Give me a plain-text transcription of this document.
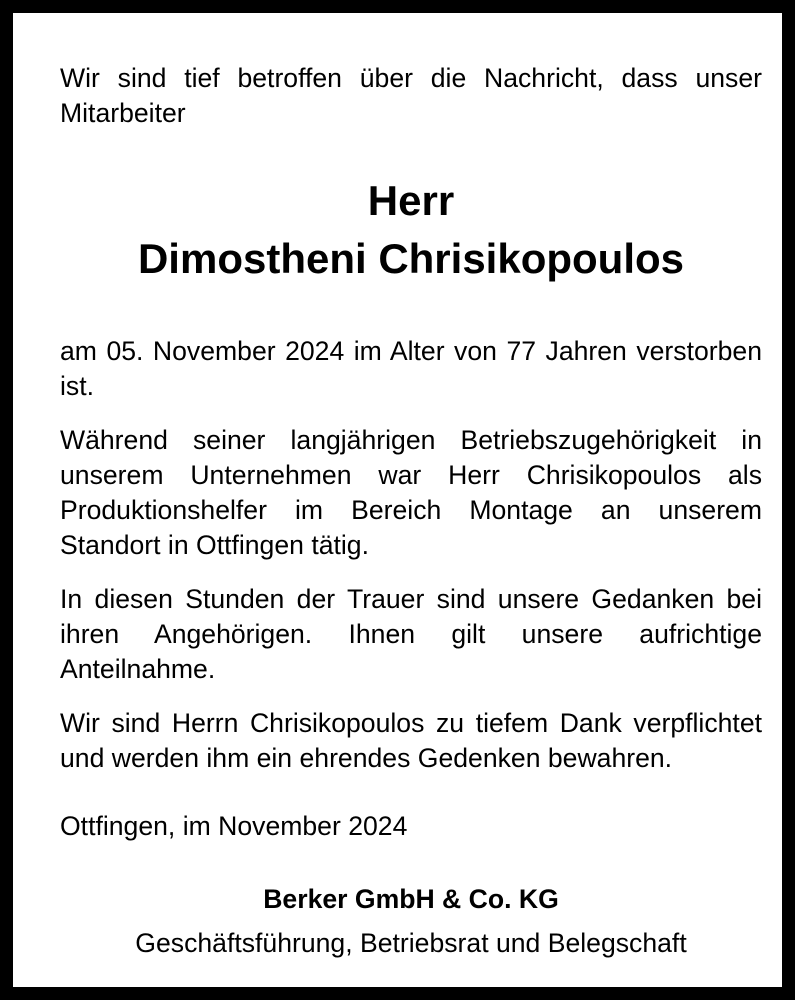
Wir sind tief betroffen über die Nachricht, dass unser Mitarbeiter

Herr
Dimostheni Chrisikopoulos

am 05. November 2024 im Alter von 77 Jahren verstorben ist.

Während seiner langjährigen Betriebszugehörigkeit in unserem Unternehmen war Herr Chrisikopoulos als Produktionshelfer im Bereich Montage an unserem Standort in Ottfingen tätig.

In diesen Stunden der Trauer sind unsere Gedanken bei ihren Angehörigen. Ihnen gilt unsere aufrichtige Anteilnahme.

Wir sind Herrn Chrisikopoulos zu tiefem Dank verpflichtet und werden ihm ein ehrendes Gedenken bewahren.

Ottfingen, im November 2024

Berker GmbH & Co. KG
Geschäftsführung, Betriebsrat und Belegschaft
